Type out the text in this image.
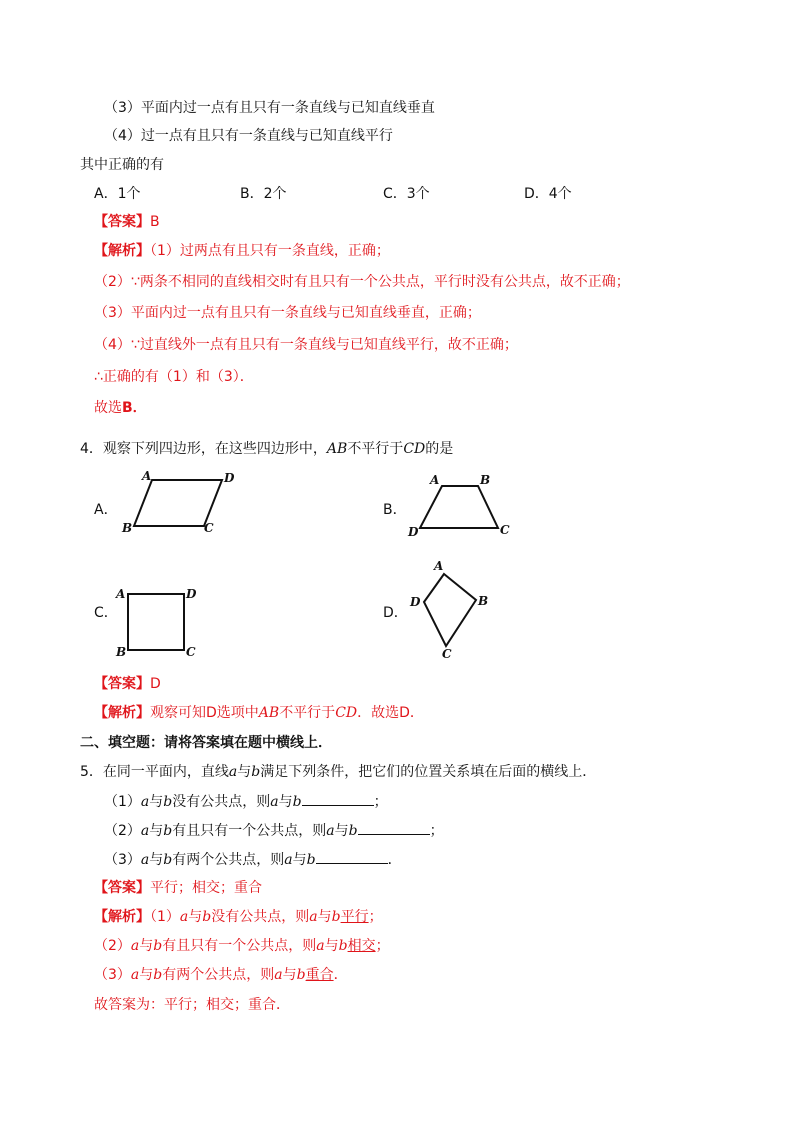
（3）平面内过一点有且只有一条直线与已知直线垂直
（4）过一点有且只有一条直线与已知直线平行
其中正确的有
A．1个	B．2个	C．3个	D．4个
【答案】B
【解析】（1）过两点有且只有一条直线，正确；
（2）∵两条不相同的直线相交时有且只有一个公共点，平行时没有公共点，故不正确；
（3）平面内过一点有且只有一条直线与已知直线垂直，正确；
（4）∵过直线外一点有且只有一条直线与已知直线平行，故不正确；
∴正确的有（1）和（3）．
故选B．
4．观察下列四边形，在这些四边形中，AB不平行于CD的是
A．
A	D
B	C
B．
A	B
D	C
C．
A	D
B	C
D．
A
B
C
D
【答案】D
【解析】观察可知D选项中AB不平行于CD．故选D．
二、填空题：请将答案填在题中横线上．
5．在同一平面内，直线a与b满足下列条件，把它们的位置关系填在后面的横线上．
（1）a与b没有公共点，则a与b	；
（2）a与b有且只有一个公共点，则a与b	；
（3）a与b有两个公共点，则a与b	．
【答案】平行；相交；重合
【解析】（1）a与b没有公共点，则a与b平行；
（2）a与b有且只有一个公共点，则a与b相交；
（3）a与b有两个公共点，则a与b重合．
故答案为：平行；相交；重合．
